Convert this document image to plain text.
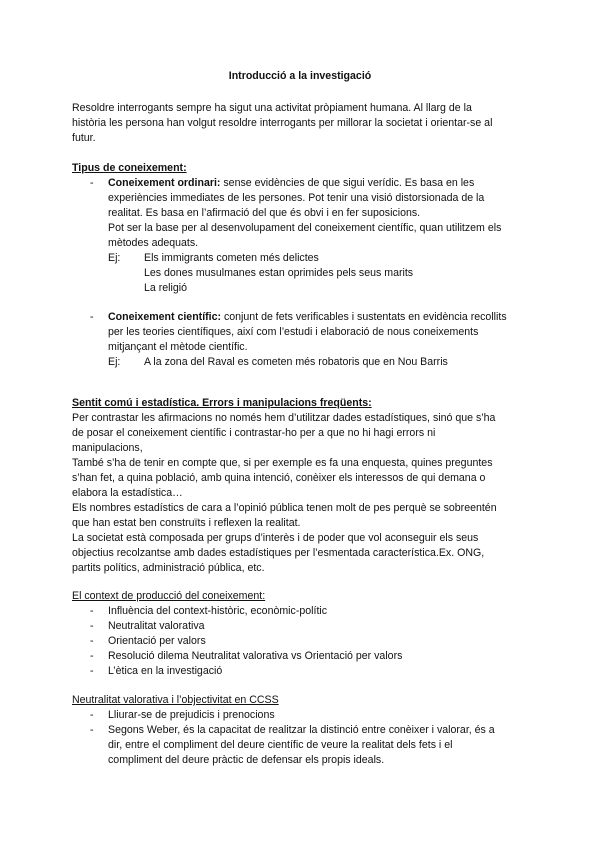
Introducció a la investigació
Resoldre interrogants sempre ha sigut una activitat pròpiament humana. Al llarg de la
història les persona han volgut resoldre interrogants per millorar la societat i orientar-se al
futur.
Tipus de coneixement:
- Coneixement ordinari: sense evidències de que sigui verídic. Es basa en les
experiències immediates de les persones. Pot tenir una visió distorsionada de la
realitat. Es basa en l’afirmació del que és obvi i en fer suposicions.
Pot ser la base per al desenvolupament del coneixement científic, quan utilitzem els
mètodes adequats.
Ej: Els immigrants cometen més delictes
Les dones musulmanes estan oprimides pels seus marits
La religió
- Coneixement científic: conjunt de fets verificables i sustentats en evidència recollits
per les teories científiques, així com l’estudi i elaboració de nous coneixements
mitjançant el mètode científic.
Ej: A la zona del Raval es cometen més robatoris que en Nou Barris
Sentit comú i estadística. Errors i manipulacions freqüents:
Per contrastar les afirmacions no només hem d’utilitzar dades estadístiques, sinó que s’ha
de posar el coneixement científic i contrastar-ho per a que no hi hagi errors ni
manipulacions,
També s’ha de tenir en compte que, si per exemple es fa una enquesta, quines preguntes
s’han fet, a quina població, amb quina intenció, conèixer els interessos de qui demana o
elabora la estadística…
Els nombres estadístics de cara a l’opinió pública tenen molt de pes perquè se sobreentén
que han estat ben construïts i reflexen la realitat.
La societat està composada per grups d’interès i de poder que vol aconseguir els seus
objectius recolzantse amb dades estadístiques per l’esmentada característica.Ex. ONG,
partits polítics, administració pública, etc.
El context de producció del coneixement:
- Influència del context-històric, econòmic-polític
- Neutralitat valorativa
- Orientació per valors
- Resolució dilema Neutralitat valorativa vs Orientació per valors
- L’ètica en la investigació
Neutralitat valorativa i l’objectivitat en CCSS
- Lliurar-se de prejudicis i prenocions
- Segons Weber, és la capacitat de realitzar la distinció entre conèixer i valorar, és a
dir, entre el compliment del deure científic de veure la realitat dels fets i el
compliment del deure pràctic de defensar els propis ideals.
